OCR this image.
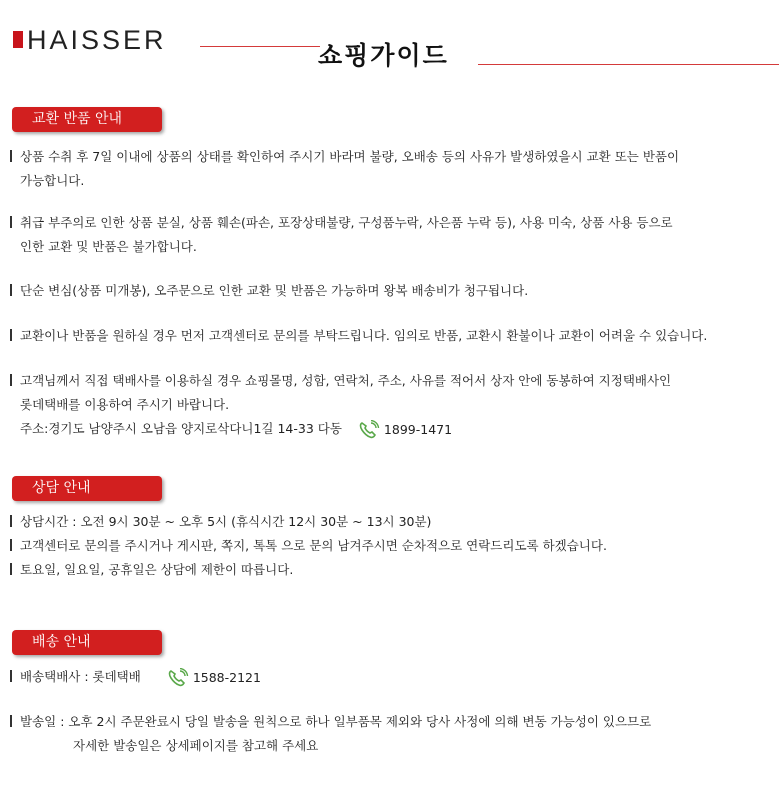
HAISSER
쇼핑가이드
교환 반품 안내
상품 수취 후 7일 이내에 상품의 상태를 확인하여 주시기 바라며 불량, 오배송 등의 사유가 발생하였을시 교환 또는 반품이
가능합니다.
취급 부주의로 인한 상품 분실, 상품 훼손(파손, 포장상태불량, 구성품누락, 사은품 누락 등), 사용 미숙, 상품 사용 등으로
인한 교환 및 반품은 불가합니다.
단순 변심(상품 미개봉), 오주문으로 인한 교환 및 반품은 가능하며 왕복 배송비가 청구됩니다.
교환이나 반품을 원하실 경우 먼저 고객센터로 문의를 부탁드립니다. 임의로 반품, 교환시 환불이나 교환이 어려울 수 있습니다.
고객님께서 직접 택배사를 이용하실 경우 쇼핑몰명, 성함, 연락처, 주소, 사유를 적어서 상자 안에 동봉하여 지정택배사인
롯데택배를 이용하여 주시기 바랍니다.
주소:경기도 남양주시 오남읍 양지로삭다니1길 14-33 다동	1899-1471
상담 안내
상담시간 : 오전 9시 30분 ~ 오후 5시 (휴식시간 12시 30분 ~ 13시 30분)
고객센터로 문의를 주시거나 게시판, 쪽지, 톡톡 으로 문의 남겨주시면 순차적으로 연락드리도록 하겠습니다.
토요일, 일요일, 공휴일은 상담에 제한이 따릅니다.
배송 안내
배송택배사 : 롯데택배	1588-2121
발송일 : 오후 2시 주문완료시 당일 발송을 원칙으로 하나 일부품목 제외와 당사 사정에 의해 변동 가능성이 있으므로
자세한 발송일은 상세페이지를 참고해 주세요
